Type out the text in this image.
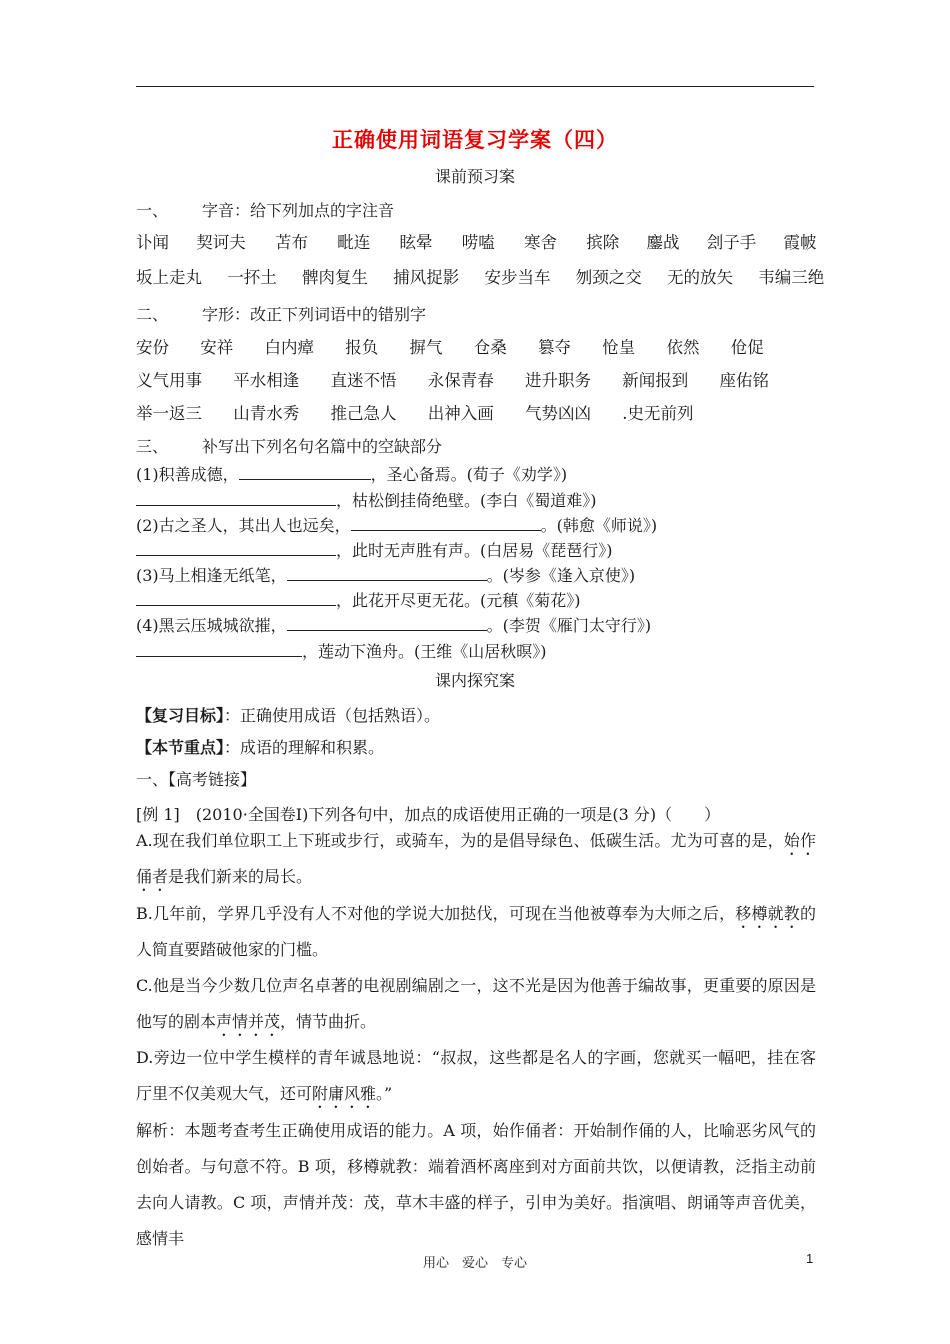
正确使用词语复习学案（四）
课前预习案
一、 字音：给下列加点的字注音
讣闻 契诃夫 苫布 毗连 眩晕 唠嗑 寒舍 摈除 鏖战 刽子手 霞帔
坂上走丸 一抔土 髀肉复生 捕风捉影 安步当车 刎颈之交 无的放矢 韦编三绝
二、 字形：改正下列词语中的错别字
安份 安祥 白内瘴 报负 摒气 仓桑 篡夺 怆皇 依然 伧促
义气用事 平水相逢 直迷不悟 永保青春 进升职务 新闻报到 座佑铭
举一返三 山青水秀 推己急人 出神入画 气势凶凶 .史无前列
三、 补写出下列名句名篇中的空缺部分
(1)积善成德，	，圣心备焉。(荀子《劝学》)
，枯松倒挂倚绝壁。(李白《蜀道难》)
(2)古之圣人，其出人也远矣，	。(韩愈《师说》)
，此时无声胜有声。(白居易《琵琶行》)
(3)马上相逢无纸笔，	。(岑参《逢入京使》)
，此花开尽更无花。(元稹《菊花》)
(4)黑云压城城欲摧，	。(李贺《雁门太守行》)
，莲动下渔舟。(王维《山居秋暝》)
课内探究案
【复习目标】：正确使用成语（包括熟语）。
【本节重点】：成语的理解和积累。
一、【高考链接】
[例 1]　(2010·全国卷Ⅰ)下列各句中，加点的成语使用正确的一项是(3 分)（　　）
A.现在我们单位职工上下班或步行，或骑车，为的是倡导绿色、低碳生活。尤为可喜的是，始作俑者是我们新来的局长。
B.几年前，学界几乎没有人不对他的学说大加挞伐，可现在当他被尊奉为大师之后，移樽就教的人简直要踏破他家的门槛。
C.他是当今少数几位声名卓著的电视剧编剧之一，这不光是因为他善于编故事，更重要的原因是他写的剧本声情并茂，情节曲折。
D.旁边一位中学生模样的青年诚恳地说：“叔叔，这些都是名人的字画，您就买一幅吧，挂在客厅里不仅美观大气，还可附庸风雅。”
解析：本题考查考生正确使用成语的能力。A 项，始作俑者：开始制作俑的人，比喻恶劣风气的创始者。与句意不符。B 项，移樽就教：端着酒杯离座到对方面前共饮，以便请教，泛指主动前去向人请教。C 项，声情并茂：茂，草木丰盛的样子，引申为美好。指演唱、朗诵等声音优美，感情丰
用心　爱心　专心	1
